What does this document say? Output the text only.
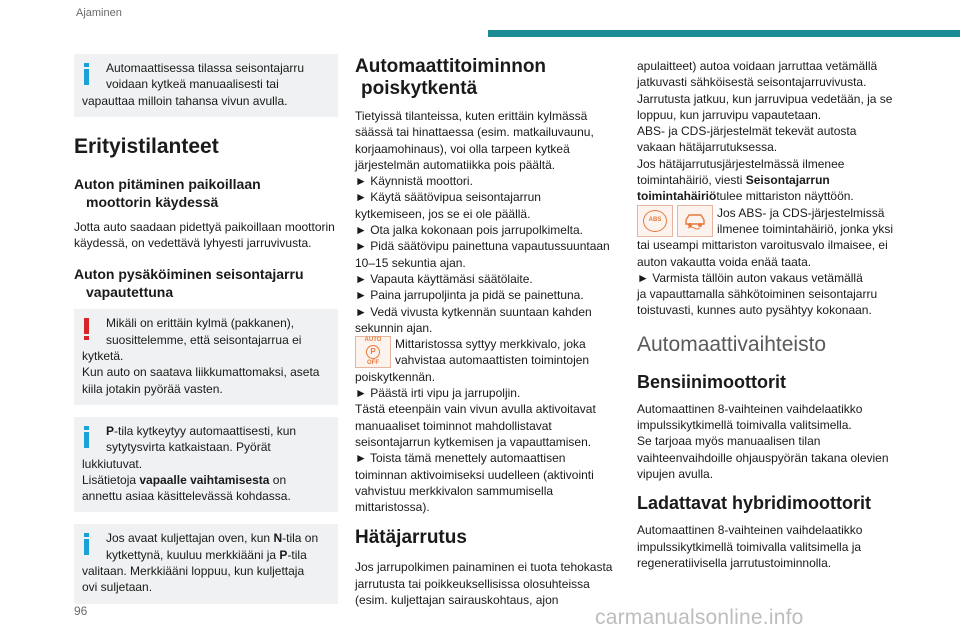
Ajaminen

Automaattisessa tilassa seisontajarru

voidaan kytkeä manuaalisesti tai

vapauttaa milloin tahansa vivun avulla.

Erityistilanteet
Auton pitäminen paikoillaan
moottorin käydessä
Jotta auto saadaan pidettyä paikoillaan moottorin
käydessä, on vedettävä lyhyesti jarruvivusta.
Auton pysäköiminen seisontajarru
vapautettuna

Mikäli on erittäin kylmä (pakkanen),

suosittelemme, että seisontajarrua ei

kytketä.

Kun auto on saatava liikkumattomaksi, aseta

kiila jotakin pyörää vasten.

P-tila kytkeytyy automaattisesti, kun

sytytysvirta katkaistaan. Pyörät

lukkiutuvat.

Lisätietoja vapaalle vaihtamisesta on

annettu asiaa käsittelevässä kohdassa.

Jos avaat kuljettajan oven, kun N-tila on

kytkettynä, kuuluu merkkiääni ja P-tila

valitaan. Merkkiääni loppuu, kun kuljettaja

ovi suljetaan.

Automaattitoiminnon
poiskytkentä
Tietyissä tilanteissa, kuten erittäin kylmässä
säässä tai hinattaessa (esim. matkailuvaunu,
korjaamohinaus), voi olla tarpeen kytkeä
järjestelmän automatiikka pois päältä.
► Käynnistä moottori.
► Käytä säätövipua seisontajarrun
kytkemiseen, jos se ei ole päällä.
► Ota jalka kokonaan pois jarrupolkimelta.
► Pidä säätövipu painettuna vapautussuuntaan
10–15 sekuntia ajan.
► Vapauta käyttämäsi säätölaite.
► Paina jarrupoljinta ja pidä se painettuna.
► Vedä vivusta kytkennän suuntaan kahden
sekunnin ajan.
AUTO
P
OFF
Mittaristossa syttyy merkkivalo, joka
vahvistaa automaattisten toimintojen
poiskytkennän.
► Päästä irti vipu ja jarrupoljin.
Tästä eteenpäin vain vivun avulla aktivoitavat
manuaaliset toiminnot mahdollistavat
seisontajarrun kytkemisen ja vapauttamisen.
► Toista tämä menettely automaattisen
toiminnan aktivoimiseksi uudelleen (aktivointi
vahvistuu merkkivalon sammumisella
mittaristossa).
Hätäjarrutus
Jos jarrupolkimen painaminen ei tuota tehokasta
jarrutusta tai poikkeuksellisissa olosuhteissa
(esim. kuljettajan sairauskohtaus, ajon
apulaitteet) autoa voidaan jarruttaa vetämällä
jatkuvasti sähköisestä seisontajarruvivusta.
Jarrutusta jatkuu, kun jarruvipua vedetään, ja se
loppuu, kun jarruvipu vapautetaan.
ABS- ja CDS-järjestelmät tekevät autosta
vakaan hätäjarrutuksessa.
Jos hätäjarrutusjärjestelmässä ilmenee
toimintahäiriö, viesti Seisontajarrun
toimintahäiriötulee mittariston näyttöön.
ABS	Jos ABS- ja CDS-järjestelmissä
ilmenee toimintahäiriö, jonka yksi
tai useampi mittariston varoitusvalo ilmaisee, ei
auton vakautta voida enää taata.
► Varmista tällöin auton vakaus vetämällä
ja vapauttamalla sähkötoiminen seisontajarru
toistuvasti, kunnes auto pysähtyy kokonaan.
Automaattivaihteisto
Bensiinimoottorit
Automaattinen 8-vaihteinen vaihdelaatikko
impulssikytkimellä toimivalla valitsimella.
Se tarjoaa myös manuaalisen tilan
vaihteenvaihdoille ohjauspyörän takana olevien
vipujen avulla.
Ladattavat hybridimoottorit
Automaattinen 8-vaihteinen vaihdelaatikko
impulssikytkimellä toimivalla valitsimella ja
regeneratiivisella jarrutustoiminnolla.
96	carmanualsonline.info
